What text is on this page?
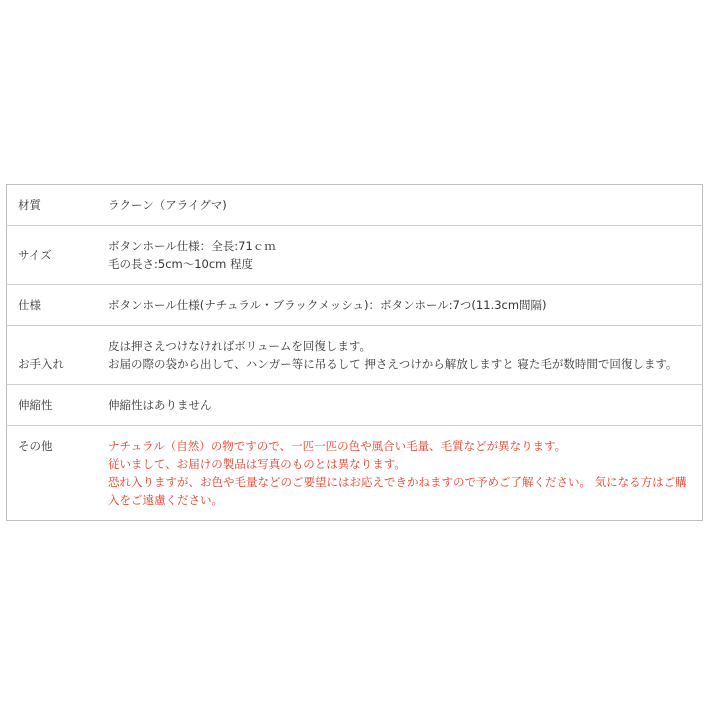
材質	ラクーン（アライグマ)

サイズ	ボタンホール仕様：全長:71ｃｍ
毛の長さ:5cm〜10cm 程度

仕様	ボタンホール仕様(ナチュラル・ブラックメッシュ)：ボタンホール:7つ(11.3cm間隔)

お手入れ	皮は押さえつけなければボリュームを回復します。
お届の際の袋から出して、ハンガー等に吊るして 押さえつけから解放しますと 寝た毛が数時間で回復します。

伸縮性	伸縮性はありません

その他	ナチュラル（自然）の物ですので、一匹一匹の色や風合い毛量、毛質などが異なります。
従いまして、お届けの製品は写真のものとは異なります。
恐れ入りますが、お色や毛量などのご要望にはお応えできかねますので予めご了解ください。 気になる方はご購入をご遠慮ください。
